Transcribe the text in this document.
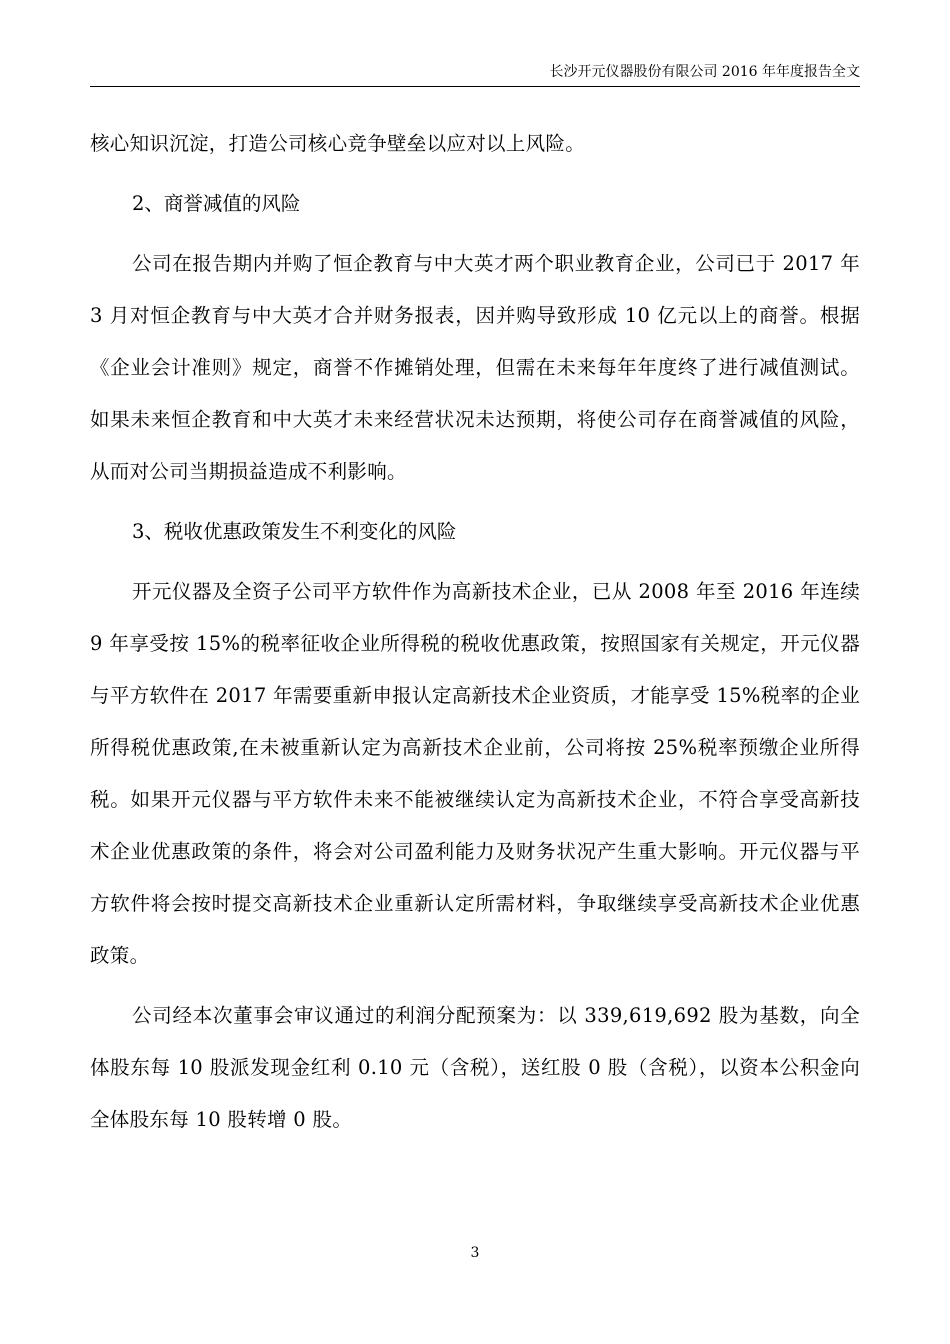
长沙开元仪器股份有限公司 2016 年年度报告全文

核心知识沉淀，打造公司核心竞争壁垒以应对以上风险。

2、商誉减值的风险

公司在报告期内并购了恒企教育与中大英才两个职业教育企业，公司已于 2017 年 3 月对恒企教育与中大英才合并财务报表，因并购导致形成 10 亿元以上的商誉。根据《企业会计准则》规定，商誉不作摊销处理，但需在未来每年年度终了进行减值测试。如果未来恒企教育和中大英才未来经营状况未达预期，将使公司存在商誉减值的风险，从而对公司当期损益造成不利影响。

3、税收优惠政策发生不利变化的风险

开元仪器及全资子公司平方软件作为高新技术企业，已从 2008 年至 2016 年连续 9 年享受按 15%的税率征收企业所得税的税收优惠政策，按照国家有关规定，开元仪器与平方软件在 2017 年需要重新申报认定高新技术企业资质，才能享受 15%税率的企业所得税优惠政策,在未被重新认定为高新技术企业前，公司将按 25%税率预缴企业所得税。如果开元仪器与平方软件未来不能被继续认定为高新技术企业，不符合享受高新技术企业优惠政策的条件，将会对公司盈利能力及财务状况产生重大影响。开元仪器与平方软件将会按时提交高新技术企业重新认定所需材料，争取继续享受高新技术企业优惠政策。

公司经本次董事会审议通过的利润分配预案为：以 339,619,692 股为基数，向全体股东每 10 股派发现金红利 0.10 元（含税），送红股 0 股（含税），以资本公积金向全体股东每 10 股转增 0 股。

3
